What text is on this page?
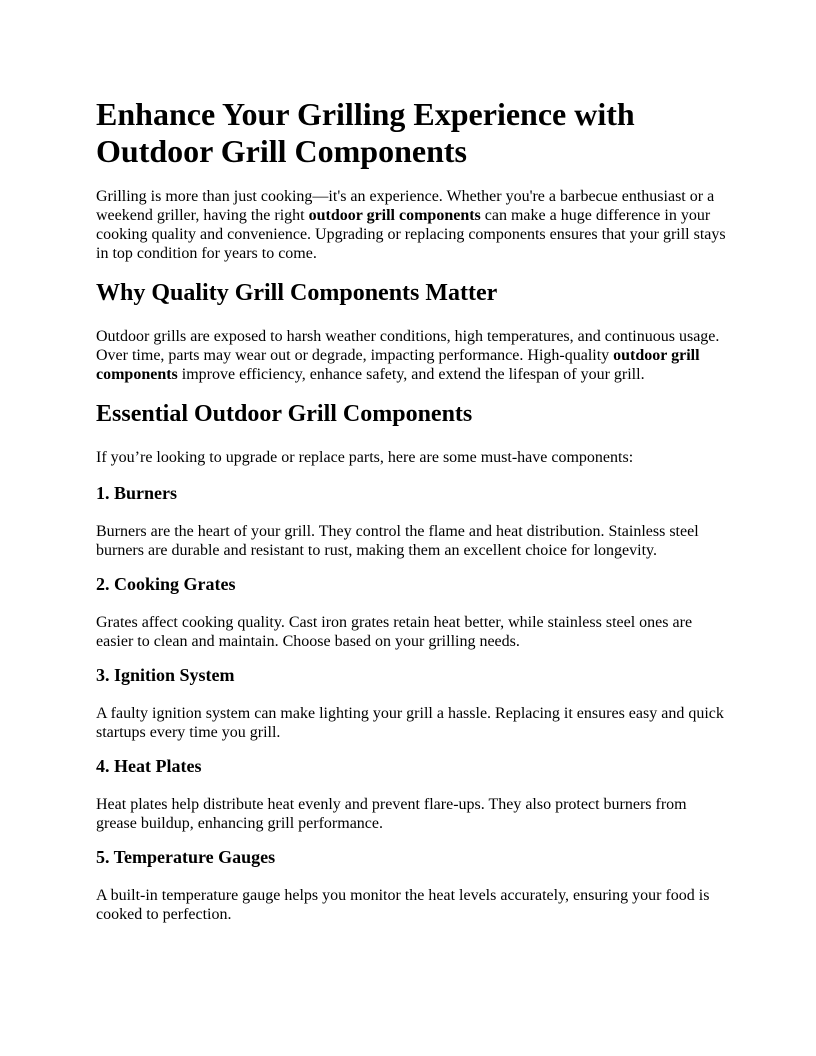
Enhance Your Grilling Experience with Outdoor Grill Components

Grilling is more than just cooking—it's an experience. Whether you're a barbecue enthusiast or a weekend griller, having the right outdoor grill components can make a huge difference in your cooking quality and convenience. Upgrading or replacing components ensures that your grill stays in top condition for years to come.

Why Quality Grill Components Matter

Outdoor grills are exposed to harsh weather conditions, high temperatures, and continuous usage. Over time, parts may wear out or degrade, impacting performance. High-quality outdoor grill components improve efficiency, enhance safety, and extend the lifespan of your grill.

Essential Outdoor Grill Components

If you’re looking to upgrade or replace parts, here are some must-have components:

1. Burners

Burners are the heart of your grill. They control the flame and heat distribution. Stainless steel burners are durable and resistant to rust, making them an excellent choice for longevity.

2. Cooking Grates

Grates affect cooking quality. Cast iron grates retain heat better, while stainless steel ones are easier to clean and maintain. Choose based on your grilling needs.

3. Ignition System

A faulty ignition system can make lighting your grill a hassle. Replacing it ensures easy and quick startups every time you grill.

4. Heat Plates

Heat plates help distribute heat evenly and prevent flare-ups. They also protect burners from grease buildup, enhancing grill performance.

5. Temperature Gauges

A built-in temperature gauge helps you monitor the heat levels accurately, ensuring your food is cooked to perfection.
